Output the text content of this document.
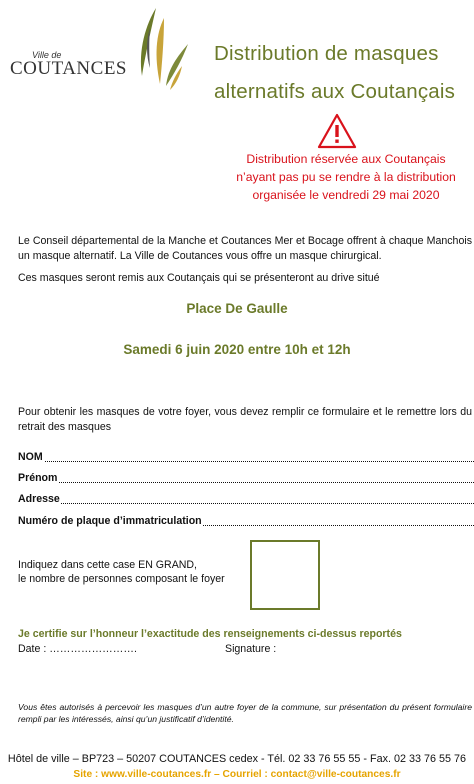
Ville de
COUTANCES
Distribution de masques
alternatifs aux Coutançais
Distribution réservée aux Coutançais
n’ayant pas pu se rendre à la distribution
organisée le vendredi 29 mai 2020
Le Conseil départemental de la Manche et Coutances Mer et Bocage offrent à chaque Manchois un masque alternatif. La Ville de Coutances vous offre un masque chirurgical.
Ces masques seront remis aux Coutançais qui se présenteront au drive situé
Place De Gaulle
Samedi 6 juin 2020 entre 10h et 12h
Pour obtenir les masques de votre foyer, vous devez remplir ce formulaire et le remettre lors du retrait des masques
NOM
Prénom
Adresse
Numéro de plaque d’immatriculation
Indiquez dans cette case EN GRAND,
le nombre de personnes composant le foyer
Je certifie sur l’honneur l’exactitude des renseignements ci-dessus reportés
Date : …………………….	Signature :
Vous êtes autorisés à percevoir les masques d’un autre foyer de la commune, sur présentation du présent formulaire rempli par les intéressés, ainsi qu’un justificatif d’identité.
Hôtel de ville – BP723 – 50207 COUTANCES cedex - Tél. 02 33 76 55 55 - Fax. 02 33 76 55 76
Site : www.ville-coutances.fr – Courriel : contact@ville-coutances.fr
